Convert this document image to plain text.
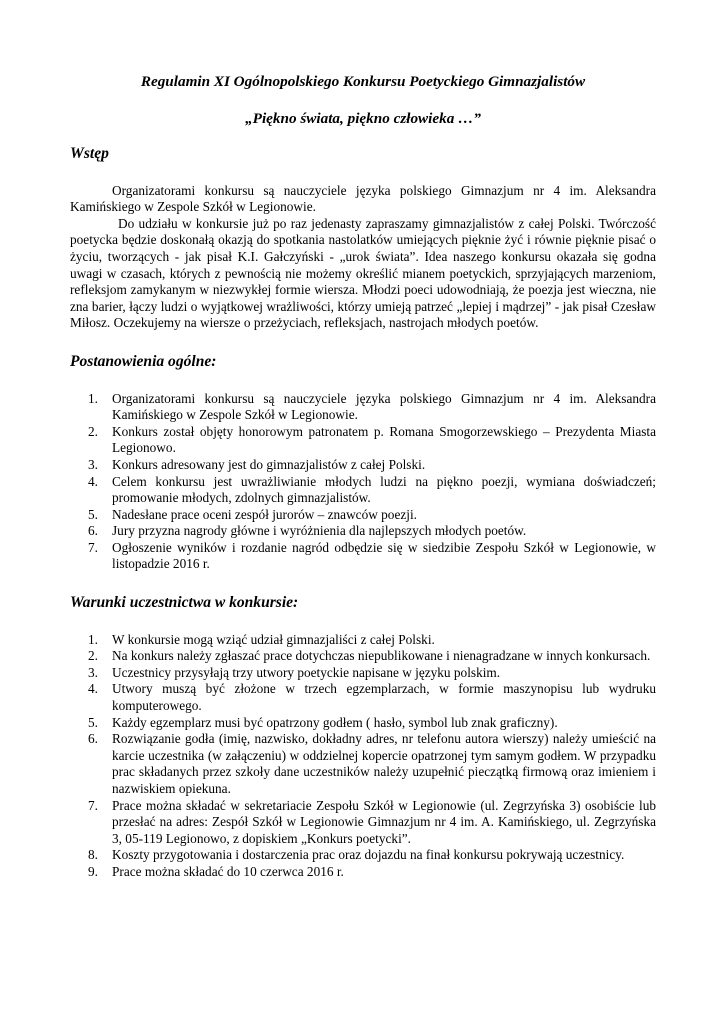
Regulamin XI Ogólnopolskiego Konkursu Poetyckiego Gimnazjalistów
„Piękno świata, piękno człowieka …”
Wstęp

Organizatorami konkursu są nauczyciele języka polskiego Gimnazjum nr 4 im. Aleksandra Kamińskiego w Zespole Szkół w Legionowie.

Do udziału w konkursie już po raz jedenasty zapraszamy gimnazjalistów z całej Polski. Twórczość poetycka będzie doskonałą okazją do spotkania nastolatków umiejących pięknie żyć i równie pięknie pisać o życiu, tworzących - jak pisał K.I. Gałczyński - „urok świata”. Idea naszego konkursu okazała się godna uwagi w czasach, których z pewnością nie możemy określić mianem poetyckich, sprzyjających marzeniom, refleksjom zamykanym w niezwykłej formie wiersza. Młodzi poeci udowodniają, że poezja jest wieczna, nie zna barier, łączy ludzi o wyjątkowej wrażliwości, którzy umieją patrzeć „lepiej i mądrzej” - jak pisał Czesław Miłosz. Oczekujemy na wiersze o przeżyciach, refleksjach, nastrojach młodych poetów.

Postanowienia ogólne:
1. Organizatorami konkursu są nauczyciele języka polskiego Gimnazjum nr 4 im. Aleksandra Kamińskiego w Zespole Szkół w Legionowie.
2. Konkurs został objęty honorowym patronatem p. Romana Smogorzewskiego – Prezydenta Miasta Legionowo.
3. Konkurs adresowany jest do gimnazjalistów z całej Polski.
4. Celem konkursu jest uwrażliwianie młodych ludzi na piękno poezji, wymiana doświadczeń; promowanie młodych, zdolnych gimnazjalistów.
5. Nadesłane prace oceni zespół jurorów – znawców poezji.
6. Jury przyzna nagrody główne i wyróżnienia dla najlepszych młodych poetów.
7. Ogłoszenie wyników i rozdanie nagród odbędzie się w siedzibie Zespołu Szkół w Legionowie, w listopadzie 2016 r.
Warunki uczestnictwa w konkursie:
1. W konkursie mogą wziąć udział gimnazjaliści z całej Polski.
2. Na konkurs należy zgłaszać prace dotychczas niepublikowane i nienagradzane w innych konkursach.
3. Uczestnicy przysyłają trzy utwory poetyckie napisane w języku polskim.
4. Utwory muszą być złożone w trzech egzemplarzach, w formie maszynopisu lub wydruku komputerowego.
5. Każdy egzemplarz musi być opatrzony godłem ( hasło, symbol lub znak graficzny).
6. Rozwiązanie godła (imię, nazwisko, dokładny adres, nr telefonu autora wierszy) należy umieścić na karcie uczestnika (w załączeniu) w oddzielnej kopercie opatrzonej tym samym godłem. W przypadku prac składanych przez szkoły dane uczestników należy uzupełnić pieczątką firmową oraz imieniem i nazwiskiem opiekuna.
7. Prace można składać w sekretariacie Zespołu Szkół w Legionowie (ul. Zegrzyńska 3) osobiście lub przesłać na adres: Zespół Szkół w Legionowie Gimnazjum nr 4 im. A. Kamińskiego, ul. Zegrzyńska 3, 05-119 Legionowo, z dopiskiem „Konkurs poetycki”.
8. Koszty przygotowania i dostarczenia prac oraz dojazdu na finał konkursu pokrywają uczestnicy.
9. Prace można składać do 10 czerwca 2016 r.
